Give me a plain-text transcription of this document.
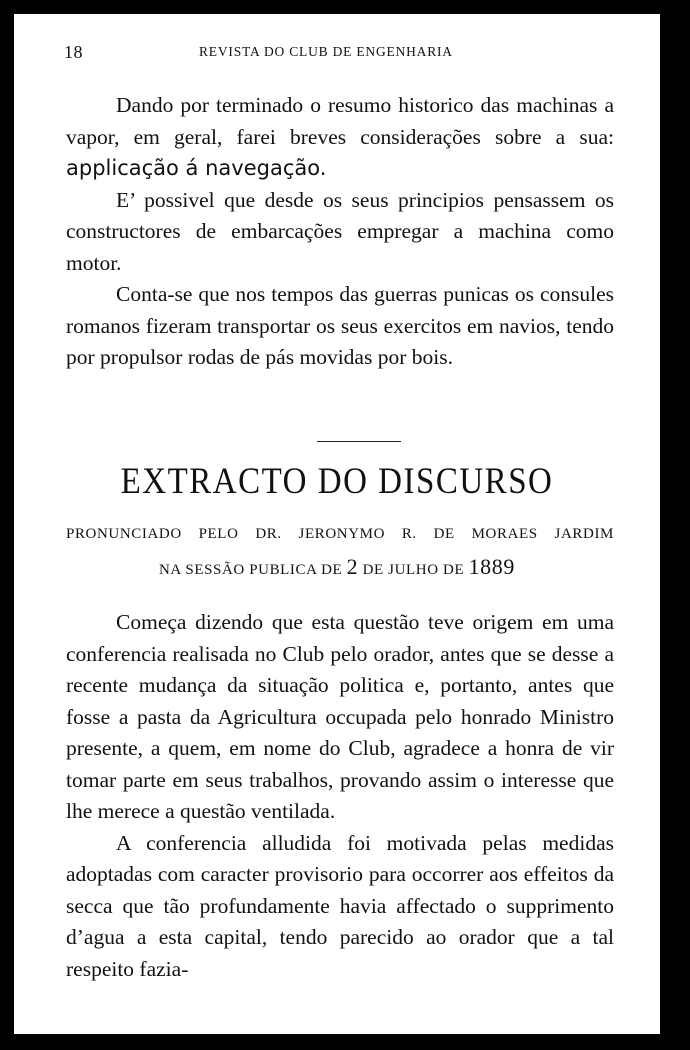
18	REVISTA DO CLUB DE ENGENHARIA

Dando por terminado o resumo historico das machinas a vapor, em geral, farei breves considerações sobre a sua: applicação á navegação.

E’ possivel que desde os seus principios pensassem os constructores de embarcações empregar a machina como motor.

Conta-se que nos tempos das guerras punicas os consules romanos fizeram transportar os seus exercitos em navios, tendo por propulsor rodas de pás movidas por bois.

EXTRACTO DO DISCURSO
PRONUNCIADO PELO DR. JERONYMO R. DE MORAES JARDIM
NA SESSÃO PUBLICA DE 2 DE JULHO DE 1889

Começa dizendo que esta questão teve origem em uma conferencia realisada no Club pelo orador, antes que se desse a recente mudança da situação politica e, portanto, antes que fosse a pasta da Agricultura occupada pelo honrado Ministro presente, a quem, em nome do Club, agradece a honra de vir tomar parte em seus trabalhos, provando assim o interesse que lhe merece a questão ventilada.

A conferencia alludida foi motivada pelas medidas adoptadas com caracter provisorio para occorrer aos effeitos da secca que tão profundamente havia affectado o supprimento d’agua a esta capital, tendo parecido ao orador que a tal respeito fazia-
